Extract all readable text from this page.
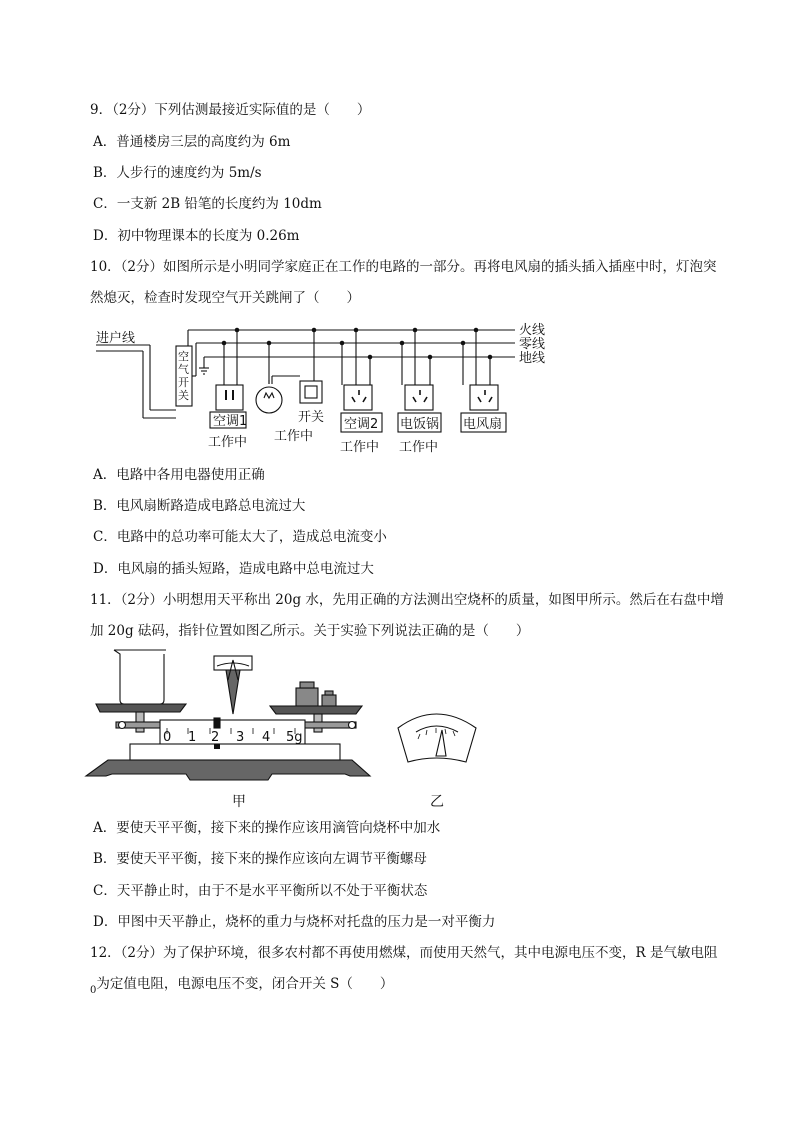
9．（2分）下列估测最接近实际值的是（　　）
A．普通楼房三层的高度约为 6m
B．人步行的速度约为 5m/s
C．一支新 2B 铅笔的长度约为 10dm
D．初中物理课本的长度为 0.26m
10．（2分）如图所示是小明同学家庭正在工作的电路的一部分。再将电风扇的插头插入插座中时，灯泡突
然熄灭，检查时发现空气开关跳闸了（　　）
进户线
火线
零线
地线
空
气
开
关
空调1
工作中
开关
工作中
空调2
工作中
电饭锅
工作中
电风扇
A．电路中各用电器使用正确
B．电风扇断路造成电路总电流过大
C．电路中的总功率可能太大了，造成总电流变小
D．电风扇的插头短路，造成电路中总电流过大
11．（2分）小明想用天平称出 20g 水，先用正确的方法测出空烧杯的质量，如图甲所示。然后在右盘中增
加 20g 砝码，指针位置如图乙所示。关于实验下列说法正确的是（　　）
0 1 2 3 4 5g
甲	乙
A．要使天平平衡，接下来的操作应该用滴管向烧杯中加水
B．要使天平平衡，接下来的操作应该向左调节平衡螺母
C．天平静止时，由于不是水平平衡所以不处于平衡状态
D．甲图中天平静止，烧杯的重力与烧杯对托盘的压力是一对平衡力
12．（2分）为了保护环境，很多农村都不再使用燃煤，而使用天然气，其中电源电压不变，R 是气敏电阻
$_0$为定值电阻，电源电压不变，闭合开关 S（　　）
